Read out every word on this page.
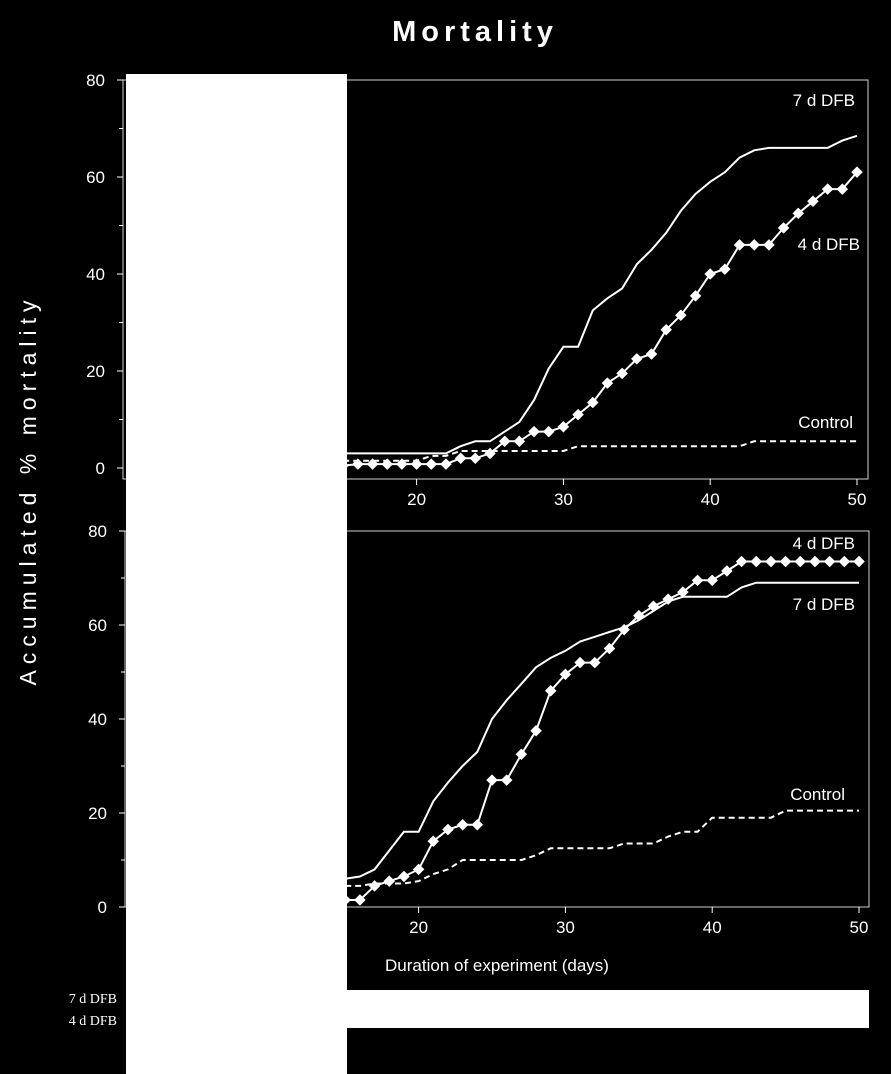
Mortality
Accumulated % mortality	0
20
40
60
80
20	30	40	50
7 d DFB
4 d DFB
Control
0
20
40
60
80
20	30	40	50
4 d DFB
7 d DFB
Control
Duration of experiment (days)
7 d DFB
4 d DFB
